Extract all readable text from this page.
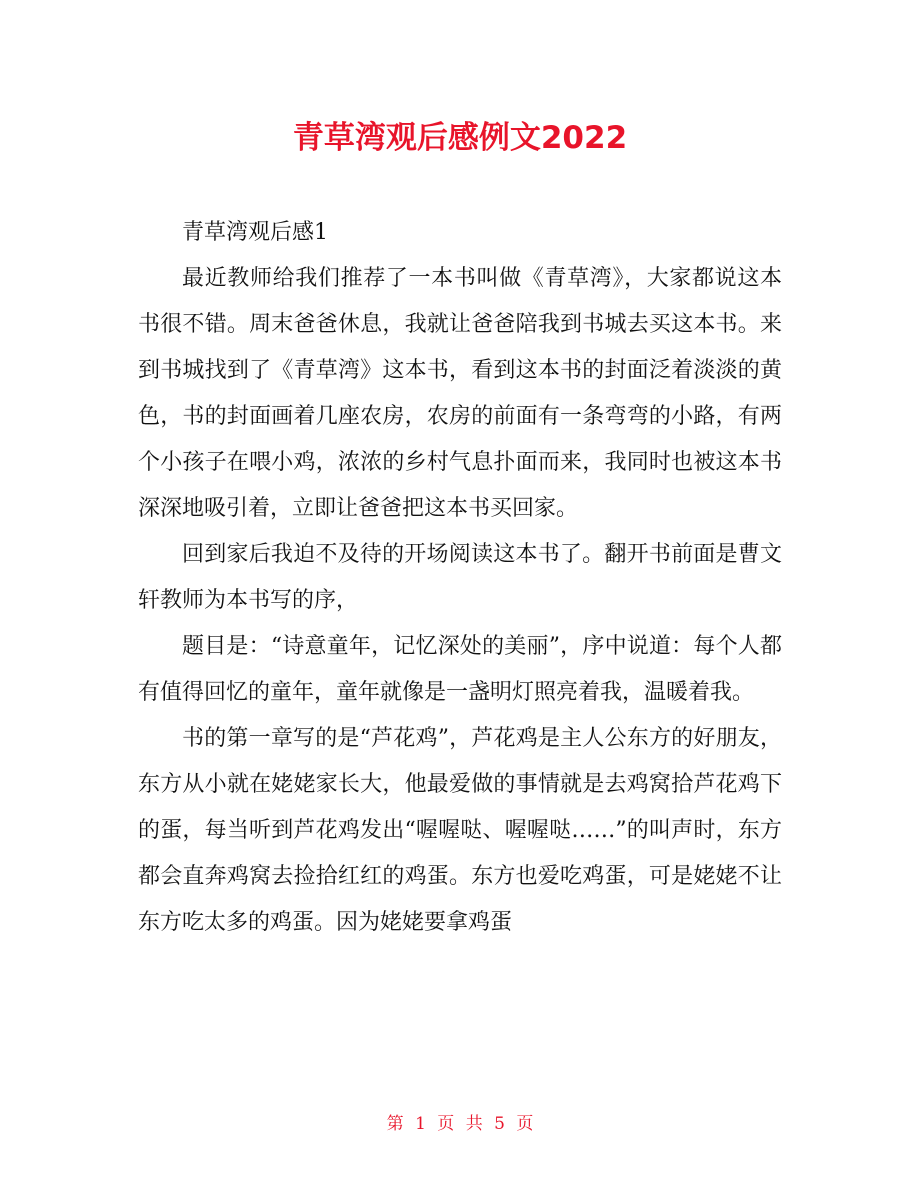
青草湾观后感例文2022

青草湾观后感1

最近教师给我们推荐了一本书叫做《青草湾》，大家都说这本书很不错。周末爸爸休息，我就让爸爸陪我到书城去买这本书。来到书城找到了《青草湾》这本书，看到这本书的封面泛着淡淡的黄色，书的封面画着几座农房，农房的前面有一条弯弯的小路，有两个小孩子在喂小鸡，浓浓的乡村气息扑面而来，我同时也被这本书深深地吸引着，立即让爸爸把这本书买回家。

回到家后我迫不及待的开场阅读这本书了。翻开书前面是曹文轩教师为本书写的序，

题目是：“诗意童年，记忆深处的美丽”，序中说道：每个人都有值得回忆的童年，童年就像是一盏明灯照亮着我，温暖着我。

书的第一章写的是“芦花鸡”，芦花鸡是主人公东方的好朋友，东方从小就在姥姥家长大，他最爱做的事情就是去鸡窝拾芦花鸡下的蛋，每当听到芦花鸡发出“喔喔哒、喔喔哒……”的叫声时，东方都会直奔鸡窝去捡拾红红的鸡蛋。东方也爱吃鸡蛋，可是姥姥不让东方吃太多的鸡蛋。因为姥姥要拿鸡蛋

第 1 页 共 5 页
